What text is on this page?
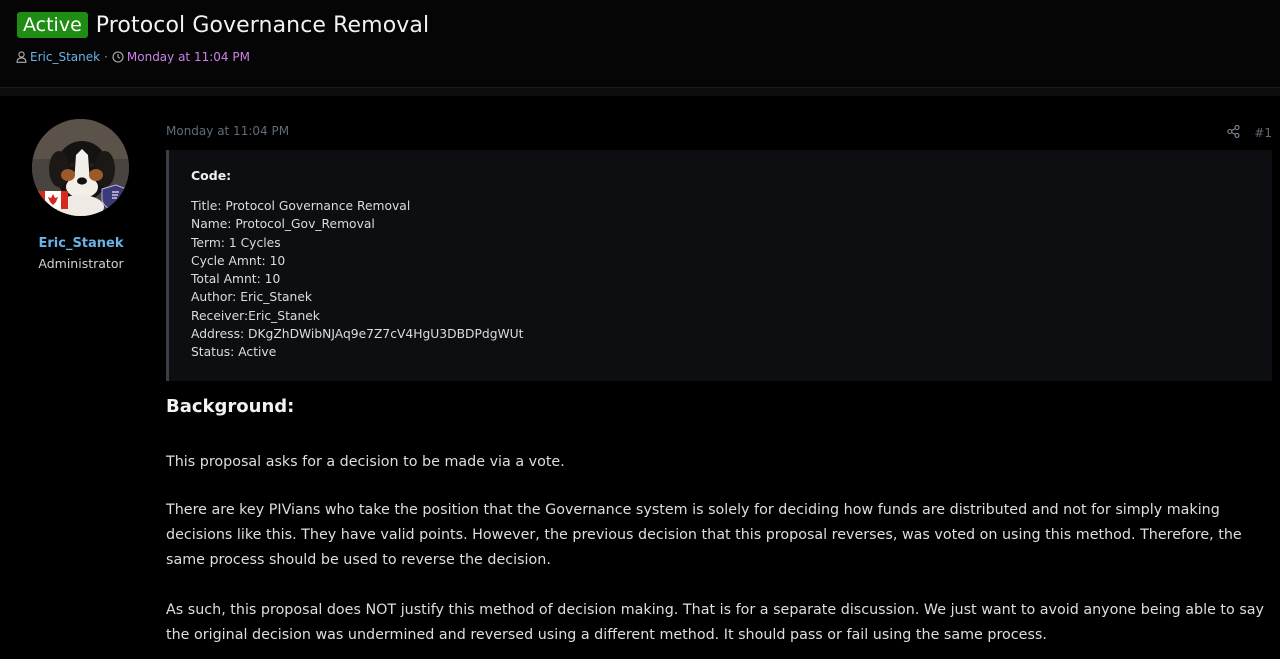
Active Protocol Governance Removal
Eric_Stanek · Monday at 11:04 PM
Eric_Stanek
Administrator
Monday at 11:04 PM	#1
Code:
Title: Protocol Governance Removal
Name: Protocol_Gov_Removal
Term: 1 Cycles
Cycle Amnt: 10
Total Amnt: 10
Author: Eric_Stanek
Receiver:Eric_Stanek
Address: DKgZhDWibNJAq9e7Z7cV4HgU3DBDPdgWUt
Status: Active
Background:
This proposal asks for a decision to be made via a vote.
There are key PIVians who take the position that the Governance system is solely for deciding how funds are distributed and not for simply making decisions like this. They have valid points. However, the previous decision that this proposal reverses, was voted on using this method. Therefore, the same process should be used to reverse the decision.
As such, this proposal does NOT justify this method of decision making. That is for a separate discussion. We just want to avoid anyone being able to say the original decision was undermined and reversed using a different method. It should pass or fail using the same process.
